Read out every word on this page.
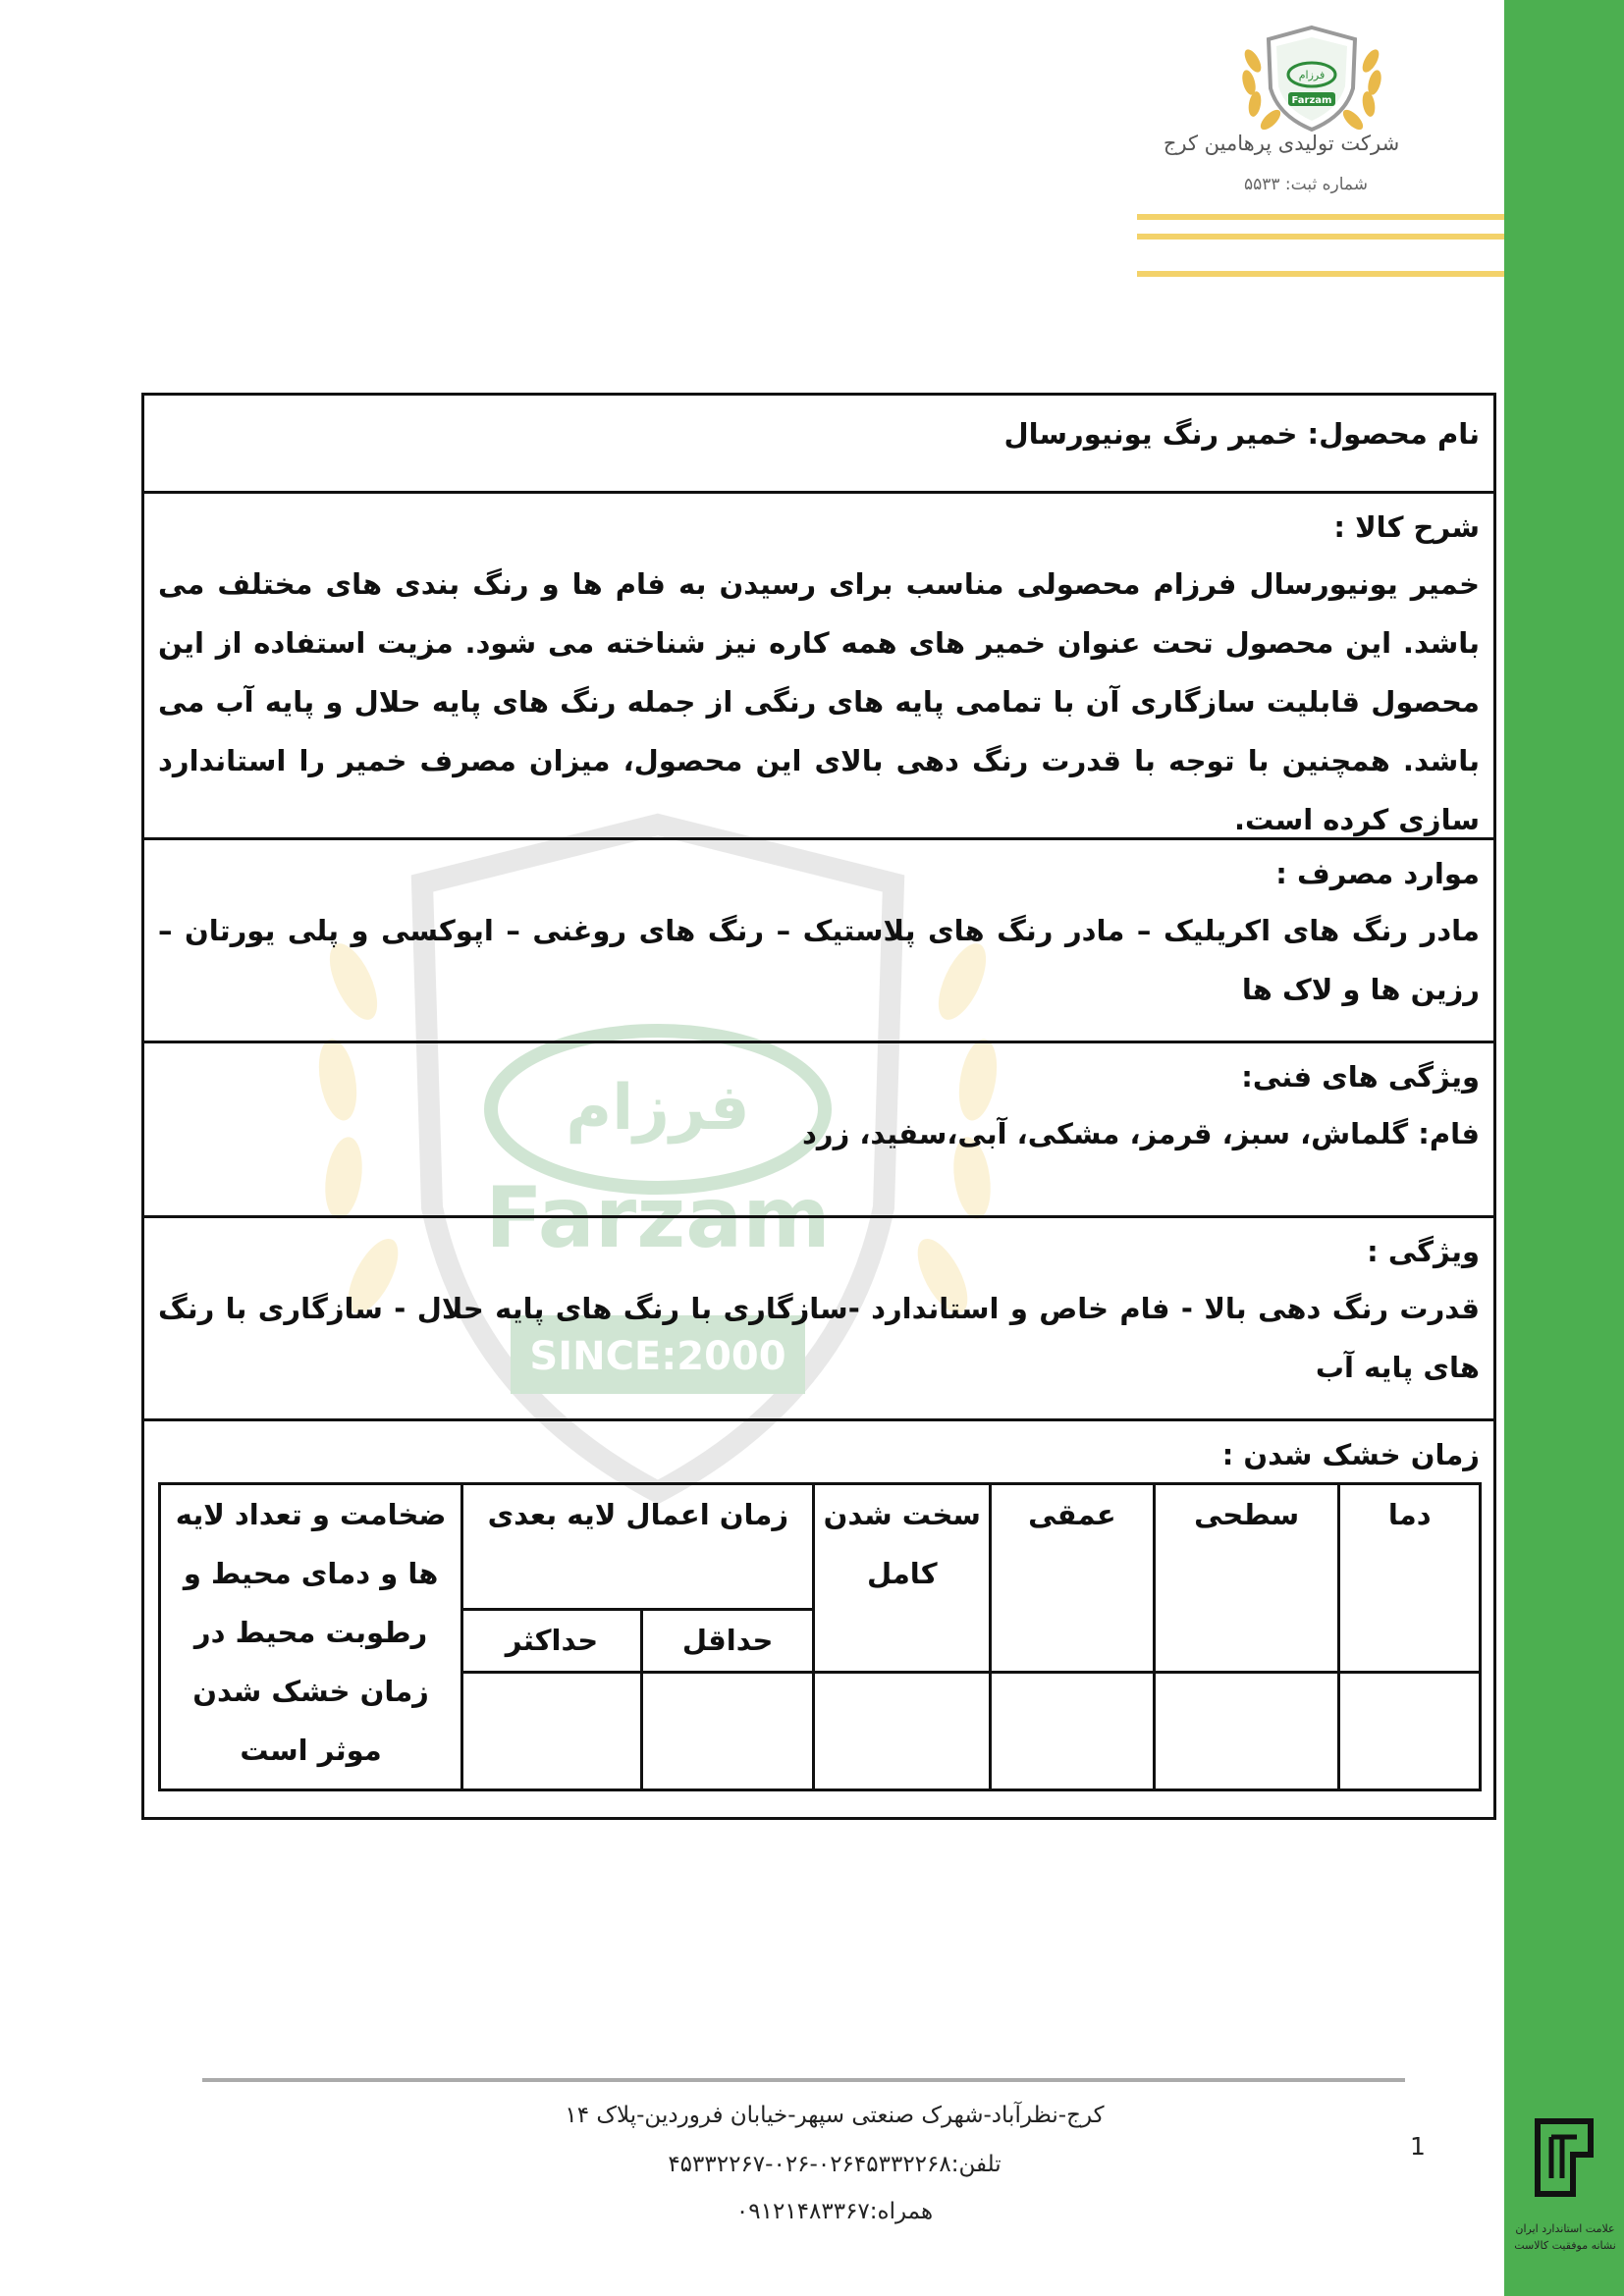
فرزام
Farzam
شرکت تولیدی پرهامین کرج
شماره ثبت: ۵۵۳۳
فرزام
Farzam
SINCE:2000

نام محصول: خمیر رنگ یونیورسال

شرح کالا :

خمیر یونیورسال فرزام محصولی مناسب برای رسیدن به فام ها و رنگ بندی های مختلف می باشد. این محصول تحت عنوان خمیر های همه کاره نیز شناخته می شود. مزیت استفاده از این محصول قابلیت سازگاری آن با تمامی پایه های رنگی از جمله رنگ های پایه حلال و پایه آب می باشد. همچنین با توجه با قدرت رنگ دهی بالای این محصول، میزان مصرف خمیر را استاندارد سازی کرده است.

موارد مصرف :

مادر رنگ های اکریلیک – مادر رنگ های پلاستیک – رنگ های روغنی – اپوکسی و پلی یورتان – رزین ها و لاک ها

ویژگی های فنی:

فام: گلماش، سبز، قرمز، مشکی، آبی،سفید، زرد

ویژگی :

قدرت رنگ دهی بالا - فام خاص و استاندارد -سازگاری با رنگ های پایه حلال - سازگاری با رنگ های پایه آب

زمان خشک شدن :

دما	سطحی	عمقی	سخت شدن کامل	زمان اعمال لایه بعدی		ضخامت و تعداد لایه ها و دمای محیط و رطوبت محیط در زمان خشک شدن موثر است
				حداقل	حداکثر	

کرج-نظرآباد-شهرک صنعتی سپهر-خیابان فروردین-پلاک ۱۴
تلفن:۰۲۶۴۵۳۳۲۲۶۸-۰۲۶-۴۵۳۳۲۲۶۷
همراه:۰۹۱۲۱۴۸۳۳۶۷
1
علامت استاندارد ایران نشانه موفقیت کالاست
